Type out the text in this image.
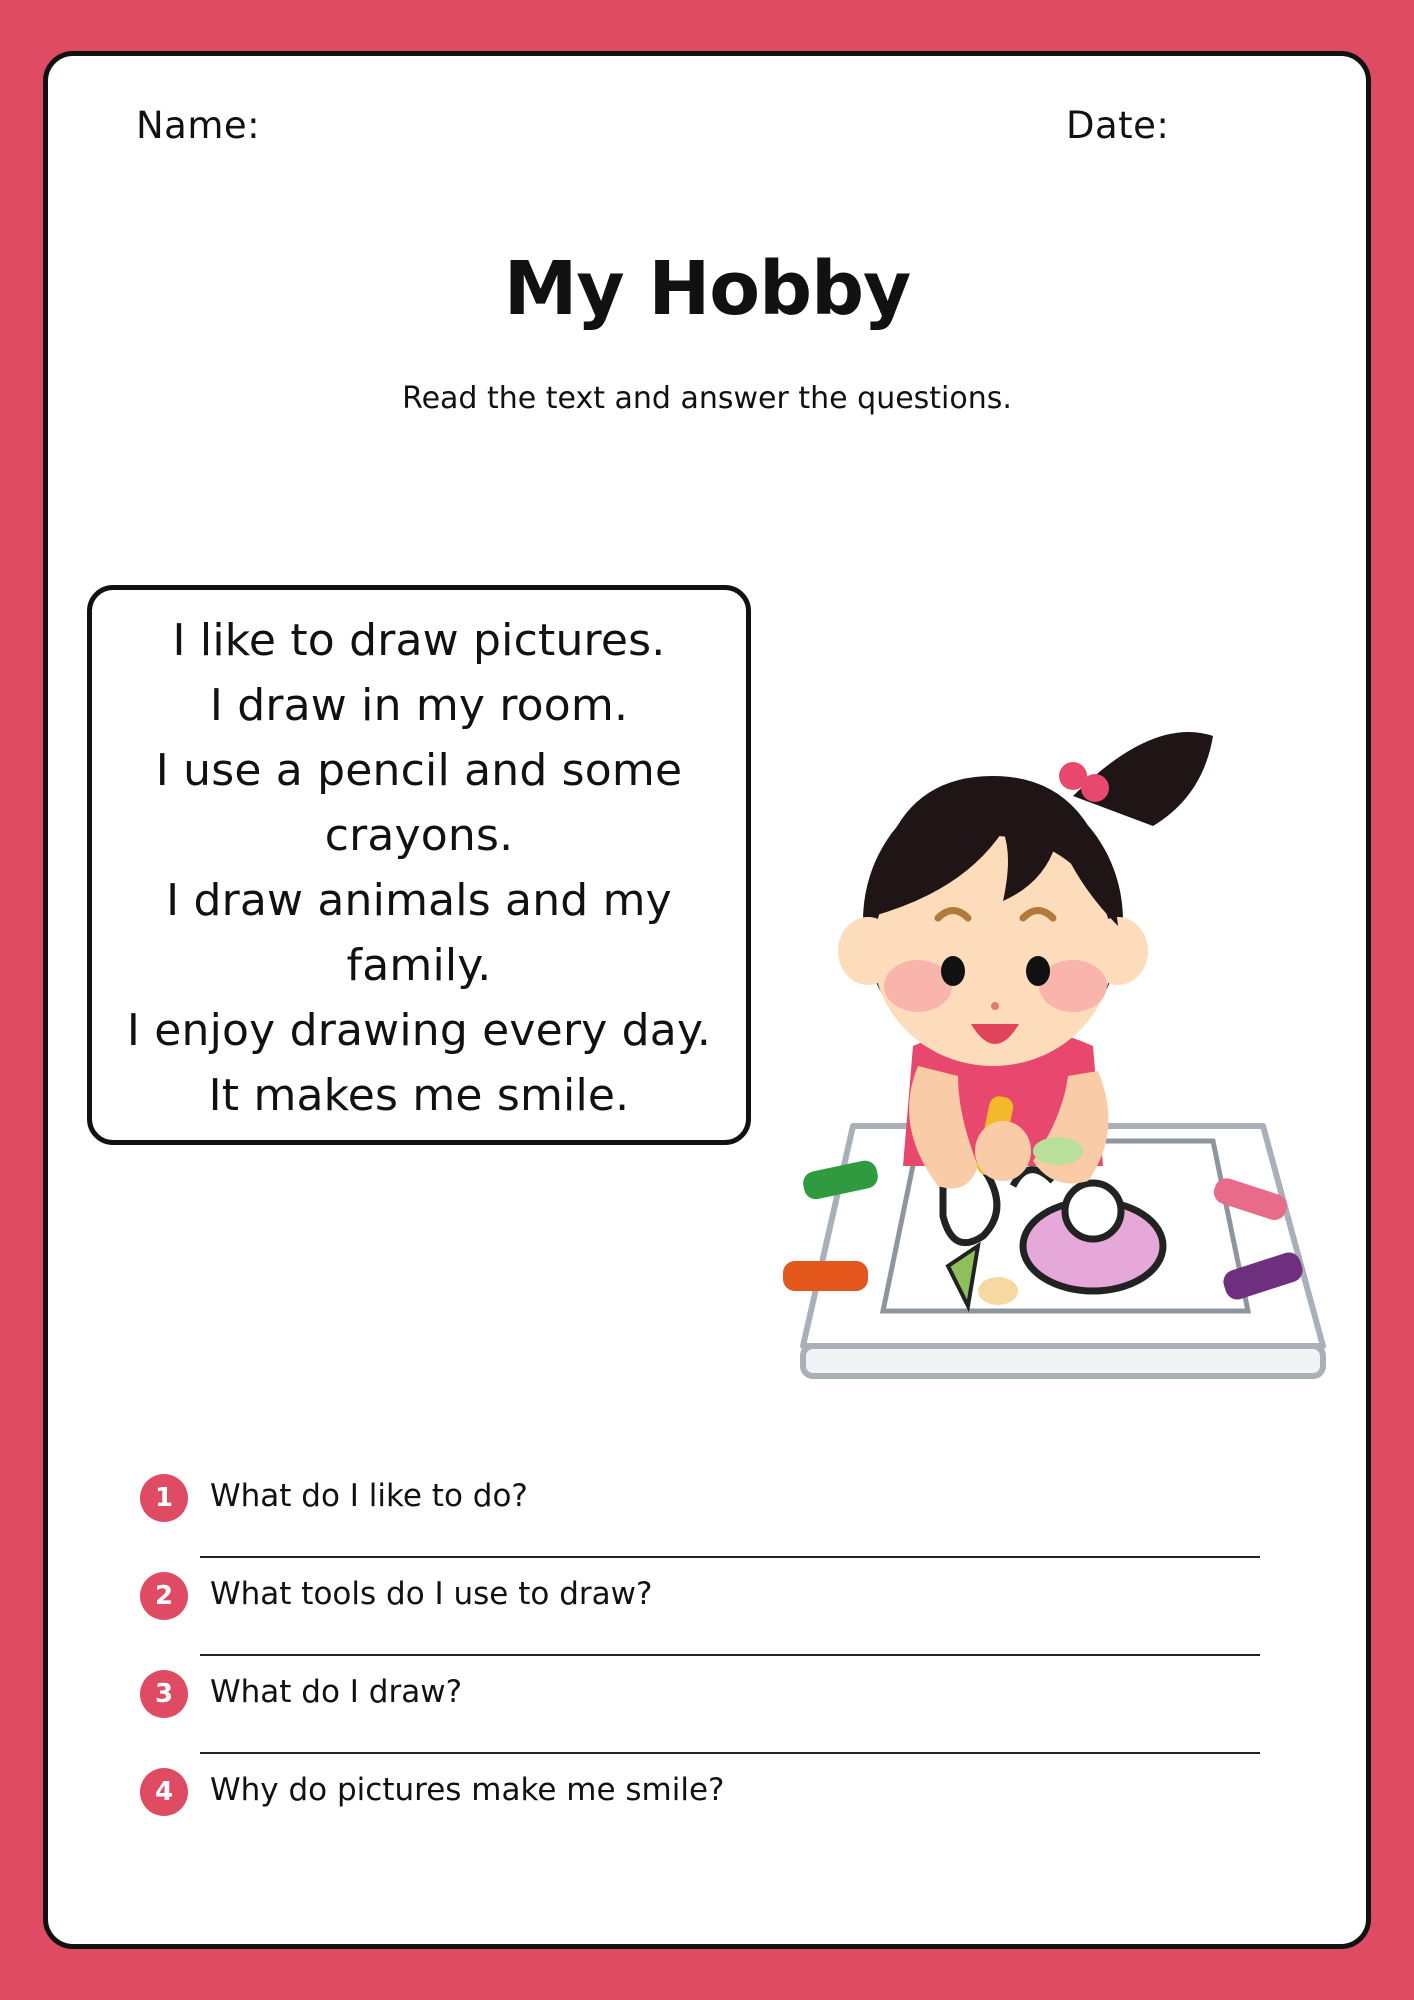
Name:	Date:
My Hobby
Read the text and answer the questions.

I like to draw pictures.

I draw in my room.

I use a pencil and some crayons.

I draw animals and my family.

I enjoy drawing every day.

It makes me smile.

1	What do I like to do?
2	What tools do I use to draw?
3	What do I draw?
4	Why do pictures make me smile?
